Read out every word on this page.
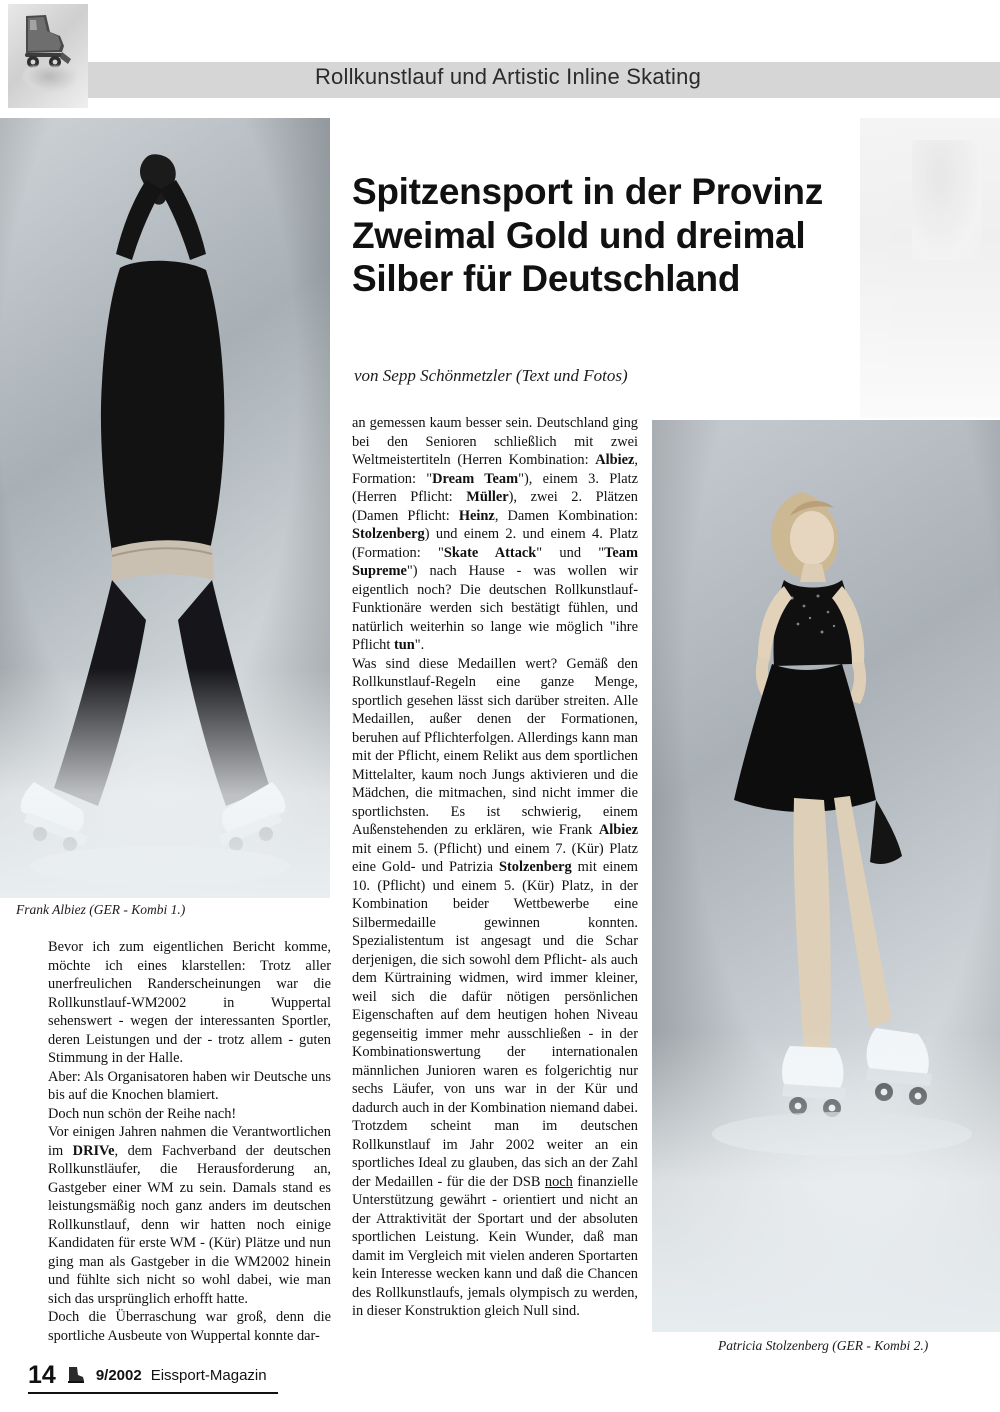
Rollkunstlauf und Artistic Inline Skating
Frank Albiez (GER - Kombi 1.)
Spitzensport in der Provinz
Zweimal Gold und dreimal
Silber für Deutschland
von Sepp Schönmetzler (Text und Fotos)
Patricia Stolzenberg (GER - Kombi 2.)

an gemessen kaum besser sein. Deutschland ging bei den Senioren schließlich mit zwei Weltmeistertiteln (Herren Kombination: Albiez, Formation: "Dream Team"), einem 3. Platz (Herren Pflicht: Müller), zwei 2. Plätzen (Damen Pflicht: Heinz, Damen Kombination: Stolzenberg) und einem 2. und einem 4. Platz (Formation: "Skate Attack" und "Team Supreme") nach Hause - was wollen wir eigentlich noch? Die deutschen Rollkunstlauf-Funktionäre werden sich bestätigt fühlen, und natürlich weiterhin so lange wie möglich "ihre Pflicht tun".
Was sind diese Medaillen wert? Gemäß den Rollkunstlauf-Regeln eine ganze Menge, sportlich gesehen lässt sich darüber streiten. Alle Medaillen, außer denen der Formationen, beruhen auf Pflichterfolgen. Allerdings kann man mit der Pflicht, einem Relikt aus dem sportlichen Mittelalter, kaum noch Jungs aktivieren und die Mädchen, die mitmachen, sind nicht immer die sportlichsten. Es ist schwierig, einem Außenstehenden zu erklären, wie Frank Albiez mit einem 5. (Pflicht) und einem 7. (Kür) Platz eine Gold- und Patrizia Stolzenberg mit einem 10. (Pflicht) und einem 5. (Kür) Platz, in der Kombination beider Wettbewerbe eine Silbermedaille gewinnen konnten. Spezialistentum ist angesagt und die Schar derjenigen, die sich sowohl dem Pflicht- als auch dem Kürtraining widmen, wird immer kleiner, weil sich die dafür nötigen persönlichen Eigenschaften auf dem heutigen hohen Niveau gegenseitig immer mehr ausschließen - in der Kombinationswertung der internationalen männlichen Junioren waren es folgerichtig nur sechs Läufer, von uns war in der Kür und dadurch auch in der Kombination niemand dabei. Trotzdem scheint man im deutschen Rollkunstlauf im Jahr 2002 weiter an ein sportliches Ideal zu glauben, das sich an der Zahl der Medaillen - für die der DSB noch finanzielle Unterstützung gewährt - orientiert und nicht an der Attraktivität der Sportart und der absoluten sportlichen Leistung. Kein Wunder, daß man damit im Vergleich mit vielen anderen Sportarten kein Interesse wecken kann und daß die Chancen des Rollkunstlaufs, jemals olympisch zu werden, in dieser Konstruktion gleich Null sind.

Bevor ich zum eigentlichen Bericht komme, möchte ich eines klarstellen: Trotz aller unerfreulichen Randerscheinungen war die Rollkunstlauf-WM2002 in Wuppertal sehenswert - wegen der interessanten Sportler, deren Leistungen und der - trotz allem - guten Stimmung in der Halle.
Aber: Als Organisatoren haben wir Deutsche uns bis auf die Knochen blamiert.
Doch nun schön der Reihe nach!
Vor einigen Jahren nahmen die Verantwortlichen im DRIVe, dem Fachverband der deutschen Rollkunstläufer, die Herausforderung an, Gastgeber einer WM zu sein. Damals stand es leistungsmäßig noch ganz anders im deutschen Rollkunstlauf, denn wir hatten noch einige Kandidaten für erste WM - (Kür) Plätze und nun ging man als Gastgeber in die WM2002 hinein und fühlte sich nicht so wohl dabei, wie man sich das ursprünglich erhofft hatte.
Doch die Überraschung war groß, denn die sportliche Ausbeute von Wuppertal konnte dar-

14	9/2002 Eissport-Magazin
